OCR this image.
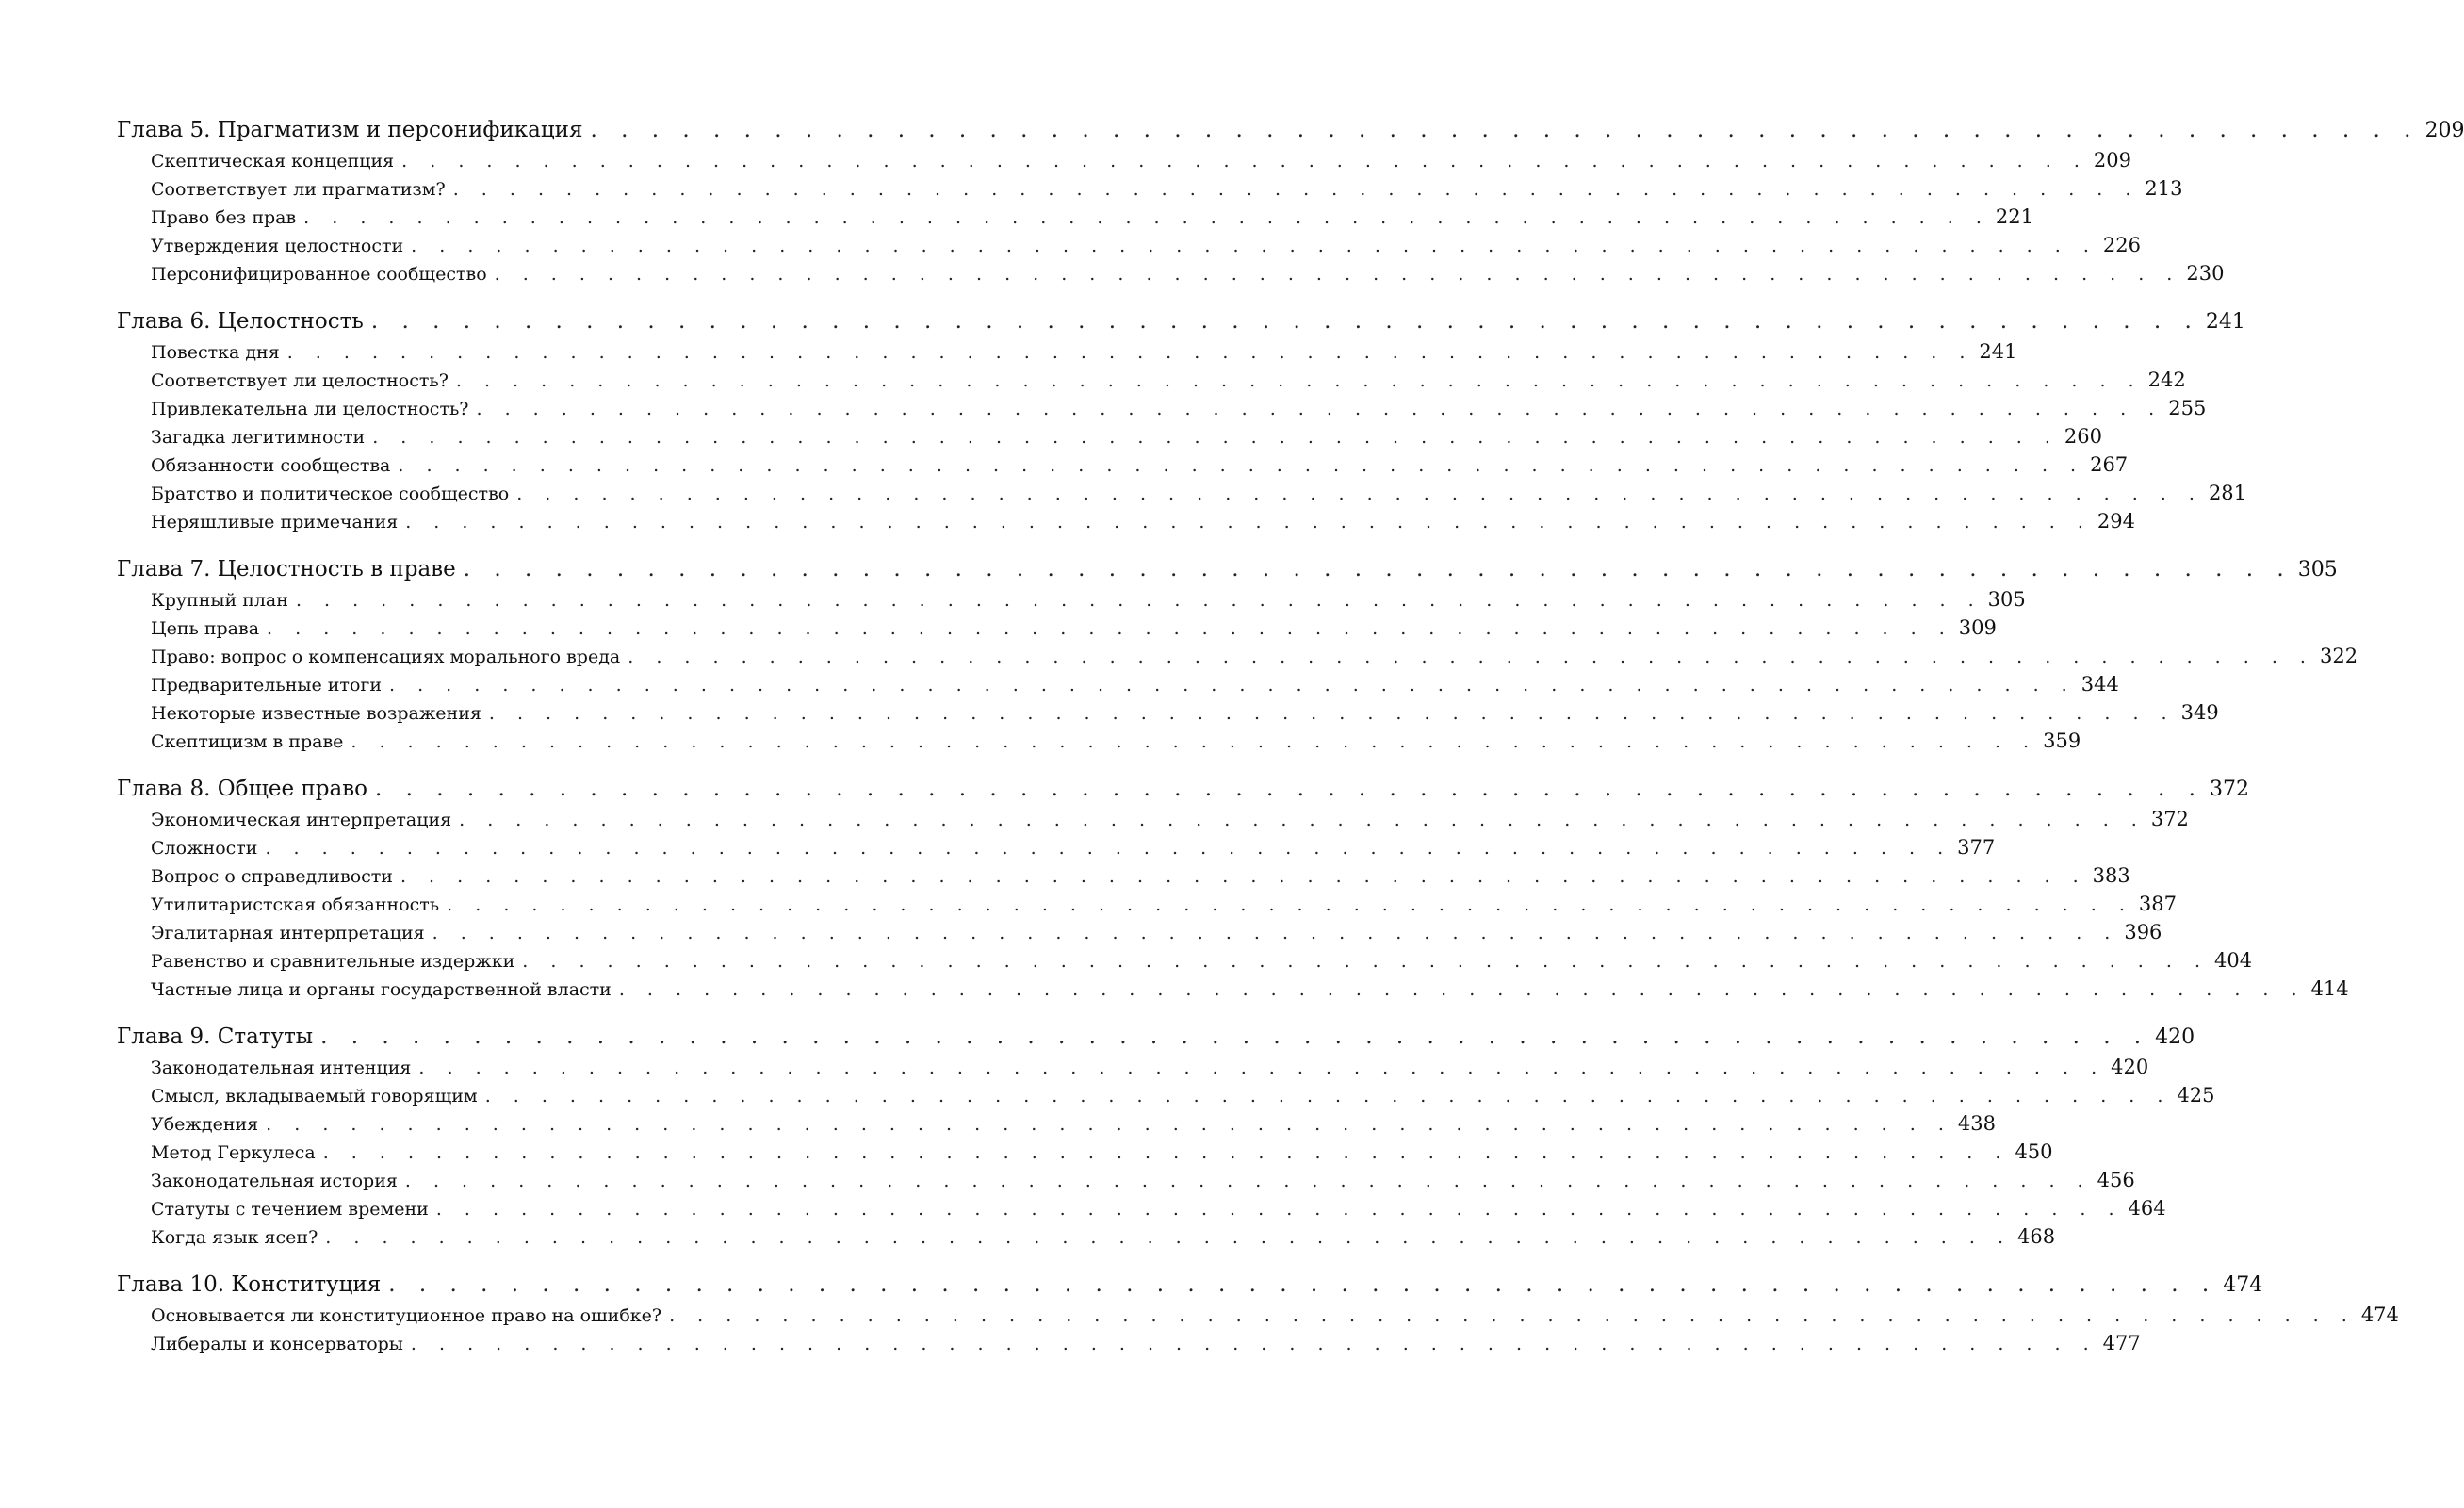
Глава 5. Прагматизм и персонификация . . . . . . . . . . . . . . . . . . . . . . . . . . . . . . . . . . . . . . . . . . . . . . . . . . . . . . . . . . . . 209
Скептическая концепция . . . . . . . . . . . . . . . . . . . . . . . . . . . . . . . . . . . . . . . . . . . . . . . . . . . . . . . . . . . . 209
Соответствует ли прагматизм? . . . . . . . . . . . . . . . . . . . . . . . . . . . . . . . . . . . . . . . . . . . . . . . . . . . . . . . . . . . . 213
Право без прав . . . . . . . . . . . . . . . . . . . . . . . . . . . . . . . . . . . . . . . . . . . . . . . . . . . . . . . . . . . . 221
Утверждения целостности . . . . . . . . . . . . . . . . . . . . . . . . . . . . . . . . . . . . . . . . . . . . . . . . . . . . . . . . . . . . 226
Персонифицированное сообщество . . . . . . . . . . . . . . . . . . . . . . . . . . . . . . . . . . . . . . . . . . . . . . . . . . . . . . . . . . . . 230
Глава 6. Целостность . . . . . . . . . . . . . . . . . . . . . . . . . . . . . . . . . . . . . . . . . . . . . . . . . . . . . . . . . . . . 241
Повестка дня . . . . . . . . . . . . . . . . . . . . . . . . . . . . . . . . . . . . . . . . . . . . . . . . . . . . . . . . . . . . 241
Соответствует ли целостность? . . . . . . . . . . . . . . . . . . . . . . . . . . . . . . . . . . . . . . . . . . . . . . . . . . . . . . . . . . . . 242
Привлекательна ли целостность? . . . . . . . . . . . . . . . . . . . . . . . . . . . . . . . . . . . . . . . . . . . . . . . . . . . . . . . . . . . . 255
Загадка легитимности . . . . . . . . . . . . . . . . . . . . . . . . . . . . . . . . . . . . . . . . . . . . . . . . . . . . . . . . . . . . 260
Обязанности сообщества . . . . . . . . . . . . . . . . . . . . . . . . . . . . . . . . . . . . . . . . . . . . . . . . . . . . . . . . . . . . 267
Братство и политическое сообщество . . . . . . . . . . . . . . . . . . . . . . . . . . . . . . . . . . . . . . . . . . . . . . . . . . . . . . . . . . . . 281
Неряшливые примечания . . . . . . . . . . . . . . . . . . . . . . . . . . . . . . . . . . . . . . . . . . . . . . . . . . . . . . . . . . . . 294
Глава 7. Целостность в праве . . . . . . . . . . . . . . . . . . . . . . . . . . . . . . . . . . . . . . . . . . . . . . . . . . . . . . . . . . . . 305
Крупный план . . . . . . . . . . . . . . . . . . . . . . . . . . . . . . . . . . . . . . . . . . . . . . . . . . . . . . . . . . . . 305
Цепь права . . . . . . . . . . . . . . . . . . . . . . . . . . . . . . . . . . . . . . . . . . . . . . . . . . . . . . . . . . . . 309
Право: вопрос о компенсациях морального вреда . . . . . . . . . . . . . . . . . . . . . . . . . . . . . . . . . . . . . . . . . . . . . . . . . . . . . . . . . . . . 322
Предварительные итоги . . . . . . . . . . . . . . . . . . . . . . . . . . . . . . . . . . . . . . . . . . . . . . . . . . . . . . . . . . . . 344
Некоторые известные возражения . . . . . . . . . . . . . . . . . . . . . . . . . . . . . . . . . . . . . . . . . . . . . . . . . . . . . . . . . . . . 349
Скептицизм в праве . . . . . . . . . . . . . . . . . . . . . . . . . . . . . . . . . . . . . . . . . . . . . . . . . . . . . . . . . . . . 359
Глава 8. Общее право . . . . . . . . . . . . . . . . . . . . . . . . . . . . . . . . . . . . . . . . . . . . . . . . . . . . . . . . . . . . 372
Экономическая интерпретация . . . . . . . . . . . . . . . . . . . . . . . . . . . . . . . . . . . . . . . . . . . . . . . . . . . . . . . . . . . . 372
Сложности . . . . . . . . . . . . . . . . . . . . . . . . . . . . . . . . . . . . . . . . . . . . . . . . . . . . . . . . . . . . 377
Вопрос о справедливости . . . . . . . . . . . . . . . . . . . . . . . . . . . . . . . . . . . . . . . . . . . . . . . . . . . . . . . . . . . . 383
Утилитаристская обязанность . . . . . . . . . . . . . . . . . . . . . . . . . . . . . . . . . . . . . . . . . . . . . . . . . . . . . . . . . . . . 387
Эгалитарная интерпретация . . . . . . . . . . . . . . . . . . . . . . . . . . . . . . . . . . . . . . . . . . . . . . . . . . . . . . . . . . . . 396
Равенство и сравнительные издержки . . . . . . . . . . . . . . . . . . . . . . . . . . . . . . . . . . . . . . . . . . . . . . . . . . . . . . . . . . . . 404
Частные лица и органы государственной власти . . . . . . . . . . . . . . . . . . . . . . . . . . . . . . . . . . . . . . . . . . . . . . . . . . . . . . . . . . . . 414
Глава 9. Статуты . . . . . . . . . . . . . . . . . . . . . . . . . . . . . . . . . . . . . . . . . . . . . . . . . . . . . . . . . . . . 420
Законодательная интенция . . . . . . . . . . . . . . . . . . . . . . . . . . . . . . . . . . . . . . . . . . . . . . . . . . . . . . . . . . . . 420
Смысл, вкладываемый говорящим . . . . . . . . . . . . . . . . . . . . . . . . . . . . . . . . . . . . . . . . . . . . . . . . . . . . . . . . . . . . 425
Убеждения . . . . . . . . . . . . . . . . . . . . . . . . . . . . . . . . . . . . . . . . . . . . . . . . . . . . . . . . . . . . 438
Метод Геркулеса . . . . . . . . . . . . . . . . . . . . . . . . . . . . . . . . . . . . . . . . . . . . . . . . . . . . . . . . . . . . 450
Законодательная история . . . . . . . . . . . . . . . . . . . . . . . . . . . . . . . . . . . . . . . . . . . . . . . . . . . . . . . . . . . . 456
Статуты с течением времени . . . . . . . . . . . . . . . . . . . . . . . . . . . . . . . . . . . . . . . . . . . . . . . . . . . . . . . . . . . . 464
Когда язык ясен? . . . . . . . . . . . . . . . . . . . . . . . . . . . . . . . . . . . . . . . . . . . . . . . . . . . . . . . . . . . . 468
Глава 10. Конституция . . . . . . . . . . . . . . . . . . . . . . . . . . . . . . . . . . . . . . . . . . . . . . . . . . . . . . . . . . . . 474
Основывается ли конституционное право на ошибке? . . . . . . . . . . . . . . . . . . . . . . . . . . . . . . . . . . . . . . . . . . . . . . . . . . . . . . . . . . . . 474
Либералы и консерваторы . . . . . . . . . . . . . . . . . . . . . . . . . . . . . . . . . . . . . . . . . . . . . . . . . . . . . . . . . . . . 477
